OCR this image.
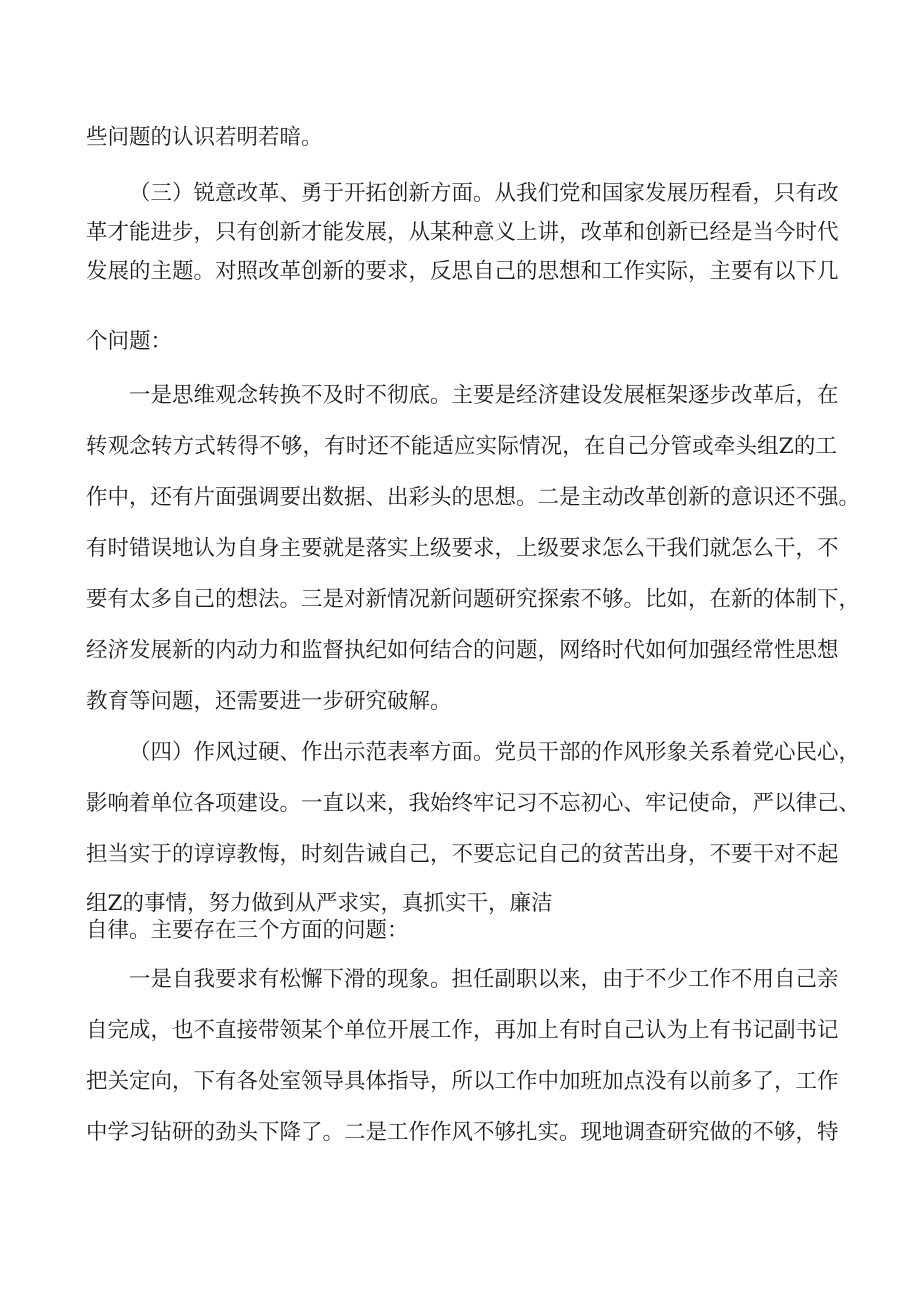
些问题的认识若明若暗。
（三）锐意改革、勇于开拓创新方面。从我们党和国家发展历程看，只有改
革才能进步，只有创新才能发展，从某种意义上讲，改革和创新已经是当今时代
发展的主题。对照改革创新的要求，反思自己的思想和工作实际，主要有以下几
个问题：
一是思维观念转换不及时不彻底。主要是经济建设发展框架逐步改革后，在
转观念转方式转得不够，有时还不能适应实际情况，在自己分管或牵头组Z的工
作中，还有片面强调要出数据、出彩头的思想。二是主动改革创新的意识还不强。
有时错误地认为自身主要就是落实上级要求，上级要求怎么干我们就怎么干，不
要有太多自己的想法。三是对新情况新问题研究探索不够。比如，在新的体制下，
经济发展新的内动力和监督执纪如何结合的问题，网络时代如何加强经常性思想
教育等问题，还需要进一步研究破解。
（四）作风过硬、作出示范表率方面。党员干部的作风形象关系着党心民心，
影响着单位各项建设。一直以来，我始终牢记习不忘初心、牢记使命，严以律己、
担当实于的谆谆教悔，时刻告诫自己，不要忘记自己的贫苦出身，不要干对不起
组Z的事情，努力做到从严求实，真抓实干，廉洁
自律。主要存在三个方面的问题：
一是自我要求有松懈下滑的现象。担任副职以来，由于不少工作不用自己亲
自完成，也不直接带领某个单位开展工作，再加上有时自己认为上有书记副书记
把关定向，下有各处室领导具体指导，所以工作中加班加点没有以前多了，工作
中学习钻研的劲头下降了。二是工作作风不够扎实。现地调查研究做的不够，特
